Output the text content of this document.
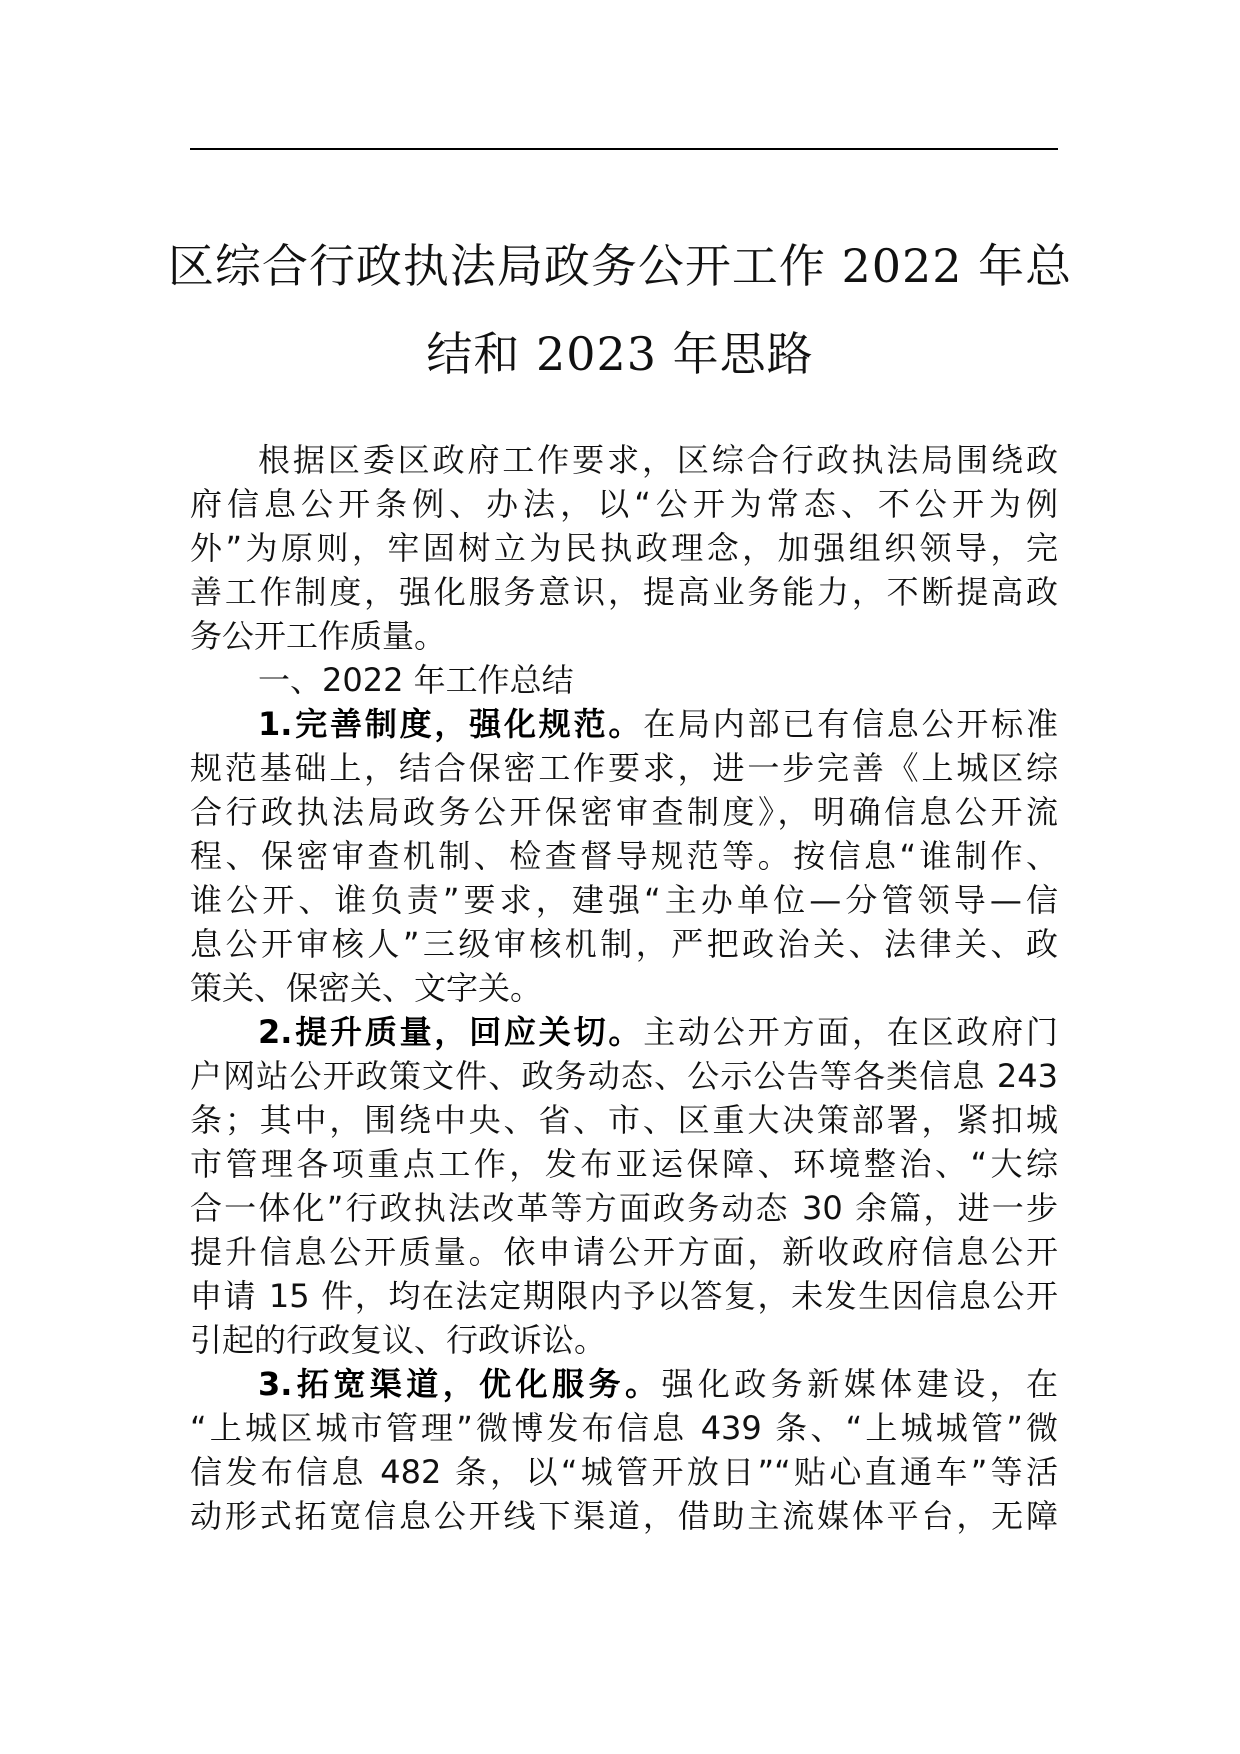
区综合行政执法局政务公开工作 2022 年总
结和 2023 年思路

根据区委区政府工作要求，区综合行政执法局围绕政
府信息公开条例、办法，以“公开为常态、不公开为例
外”为原则，牢固树立为民执政理念，加强组织领导，完
善工作制度，强化服务意识，提高业务能力，不断提高政
务公开工作质量。

一、2022 年工作总结

1.完善制度，强化规范。在局内部已有信息公开标准
规范基础上，结合保密工作要求，进一步完善《上城区综
合行政执法局政务公开保密审查制度》，明确信息公开流
程、保密审查机制、检查督导规范等。按信息“谁制作、
谁公开、谁负责”要求，建强“主办单位—分管领导—信
息公开审核人”三级审核机制，严把政治关、法律关、政
策关、保密关、文字关。

2.提升质量，回应关切。主动公开方面，在区政府门
户网站公开政策文件、政务动态、公示公告等各类信息 243
条；其中，围绕中央、省、市、区重大决策部署，紧扣城
市管理各项重点工作，发布亚运保障、环境整治、“大综
合一体化”行政执法改革等方面政务动态 30 余篇，进一步
提升信息公开质量。依申请公开方面，新收政府信息公开
申请 15 件，均在法定期限内予以答复，未发生因信息公开
引起的行政复议、行政诉讼。

3.拓宽渠道，优化服务。强化政务新媒体建设，在
“上城区城市管理”微博发布信息 439 条、“上城城管”微
信发布信息 482 条，以“城管开放日”“贴心直通车”等活
动形式拓宽信息公开线下渠道，借助主流媒体平台，无障
